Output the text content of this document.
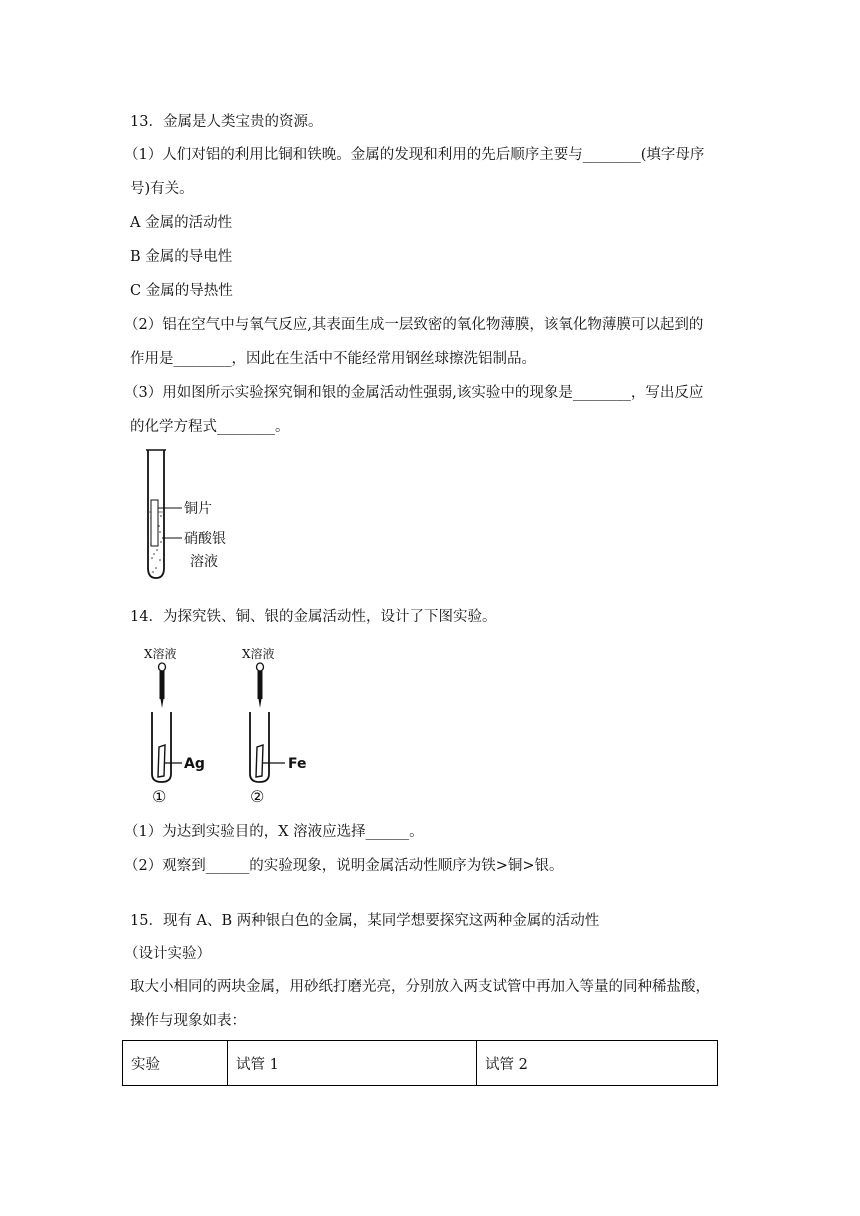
13．金属是人类宝贵的资源。
（1）人们对铝的利用比铜和铁晚。金属的发现和利用的先后顺序主要与________(填字母序
号)有关。
A 金属的活动性
B 金属的导电性
C 金属的导热性
（2）铝在空气中与氧气反应,其表面生成一层致密的氧化物薄膜，该氧化物薄膜可以起到的
作用是________，因此在生活中不能经常用钢丝球擦洗铝制品。
（3）用如图所示实验探究铜和银的金属活动性强弱,该实验中的现象是________，写出反应
的化学方程式________。
铜片
硝酸银
溶液
14．为探究铁、铜、银的金属活动性，设计了下图实验。
X溶液
Ag
①
X溶液
Fe
②
（1）为达到实验目的，X 溶液应选择______。
（2）观察到______的实验现象，说明金属活动性顺序为铁>铜>银。
15．现有 A、B 两种银白色的金属，某同学想要探究这两种金属的活动性
（设计实验）
取大小相同的两块金属，用砂纸打磨光亮，分别放入两支试管中再加入等量的同种稀盐酸，
操作与现象如表：
实验	试管 1	试管 2
